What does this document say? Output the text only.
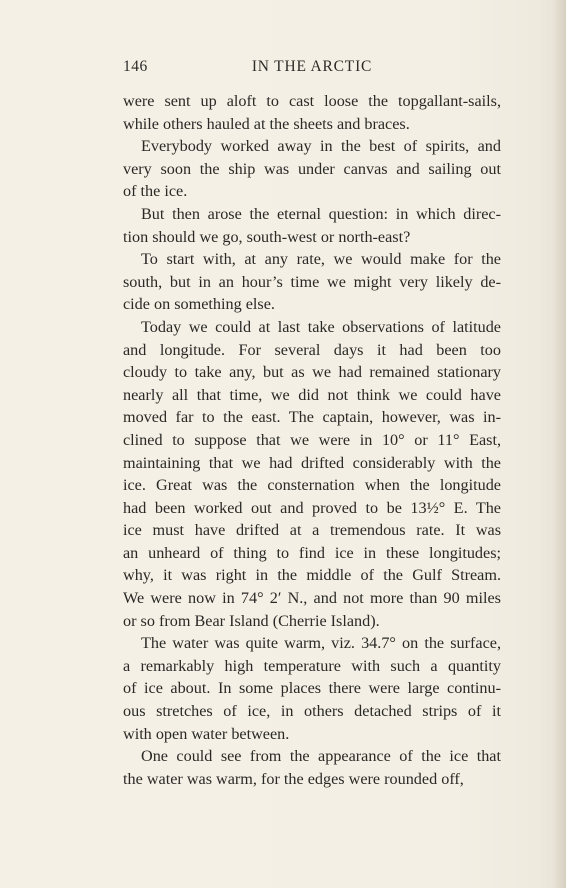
146	IN THE ARCTIC

were sent up aloft to cast loose the topgallant-sails,
while others hauled at the sheets and braces.

Everybody worked away in the best of spirits, and
very soon the ship was under canvas and sailing out
of the ice.

But then arose the eternal question: in which direc-
tion should we go, south-west or north-east?

To start with, at any rate, we would make for the
south, but in an hour’s time we might very likely de-
cide on something else.

Today we could at last take observations of latitude
and longitude. For several days it had been too
cloudy to take any, but as we had remained stationary
nearly all that time, we did not think we could have
moved far to the east. The captain, however, was in-
clined to suppose that we were in 10° or 11° East,
maintaining that we had drifted considerably with the
ice. Great was the consternation when the longitude
had been worked out and proved to be 13½° E. The
ice must have drifted at a tremendous rate. It was
an unheard of thing to find ice in these longitudes;
why, it was right in the middle of the Gulf Stream.
We were now in 74° 2′ N., and not more than 90 miles
or so from Bear Island (Cherrie Island).

The water was quite warm, viz. 34.7° on the surface,
a remarkably high temperature with such a quantity
of ice about. In some places there were large continu-
ous stretches of ice, in others detached strips of it
with open water between.

One could see from the appearance of the ice that
the water was warm, for the edges were rounded off,
